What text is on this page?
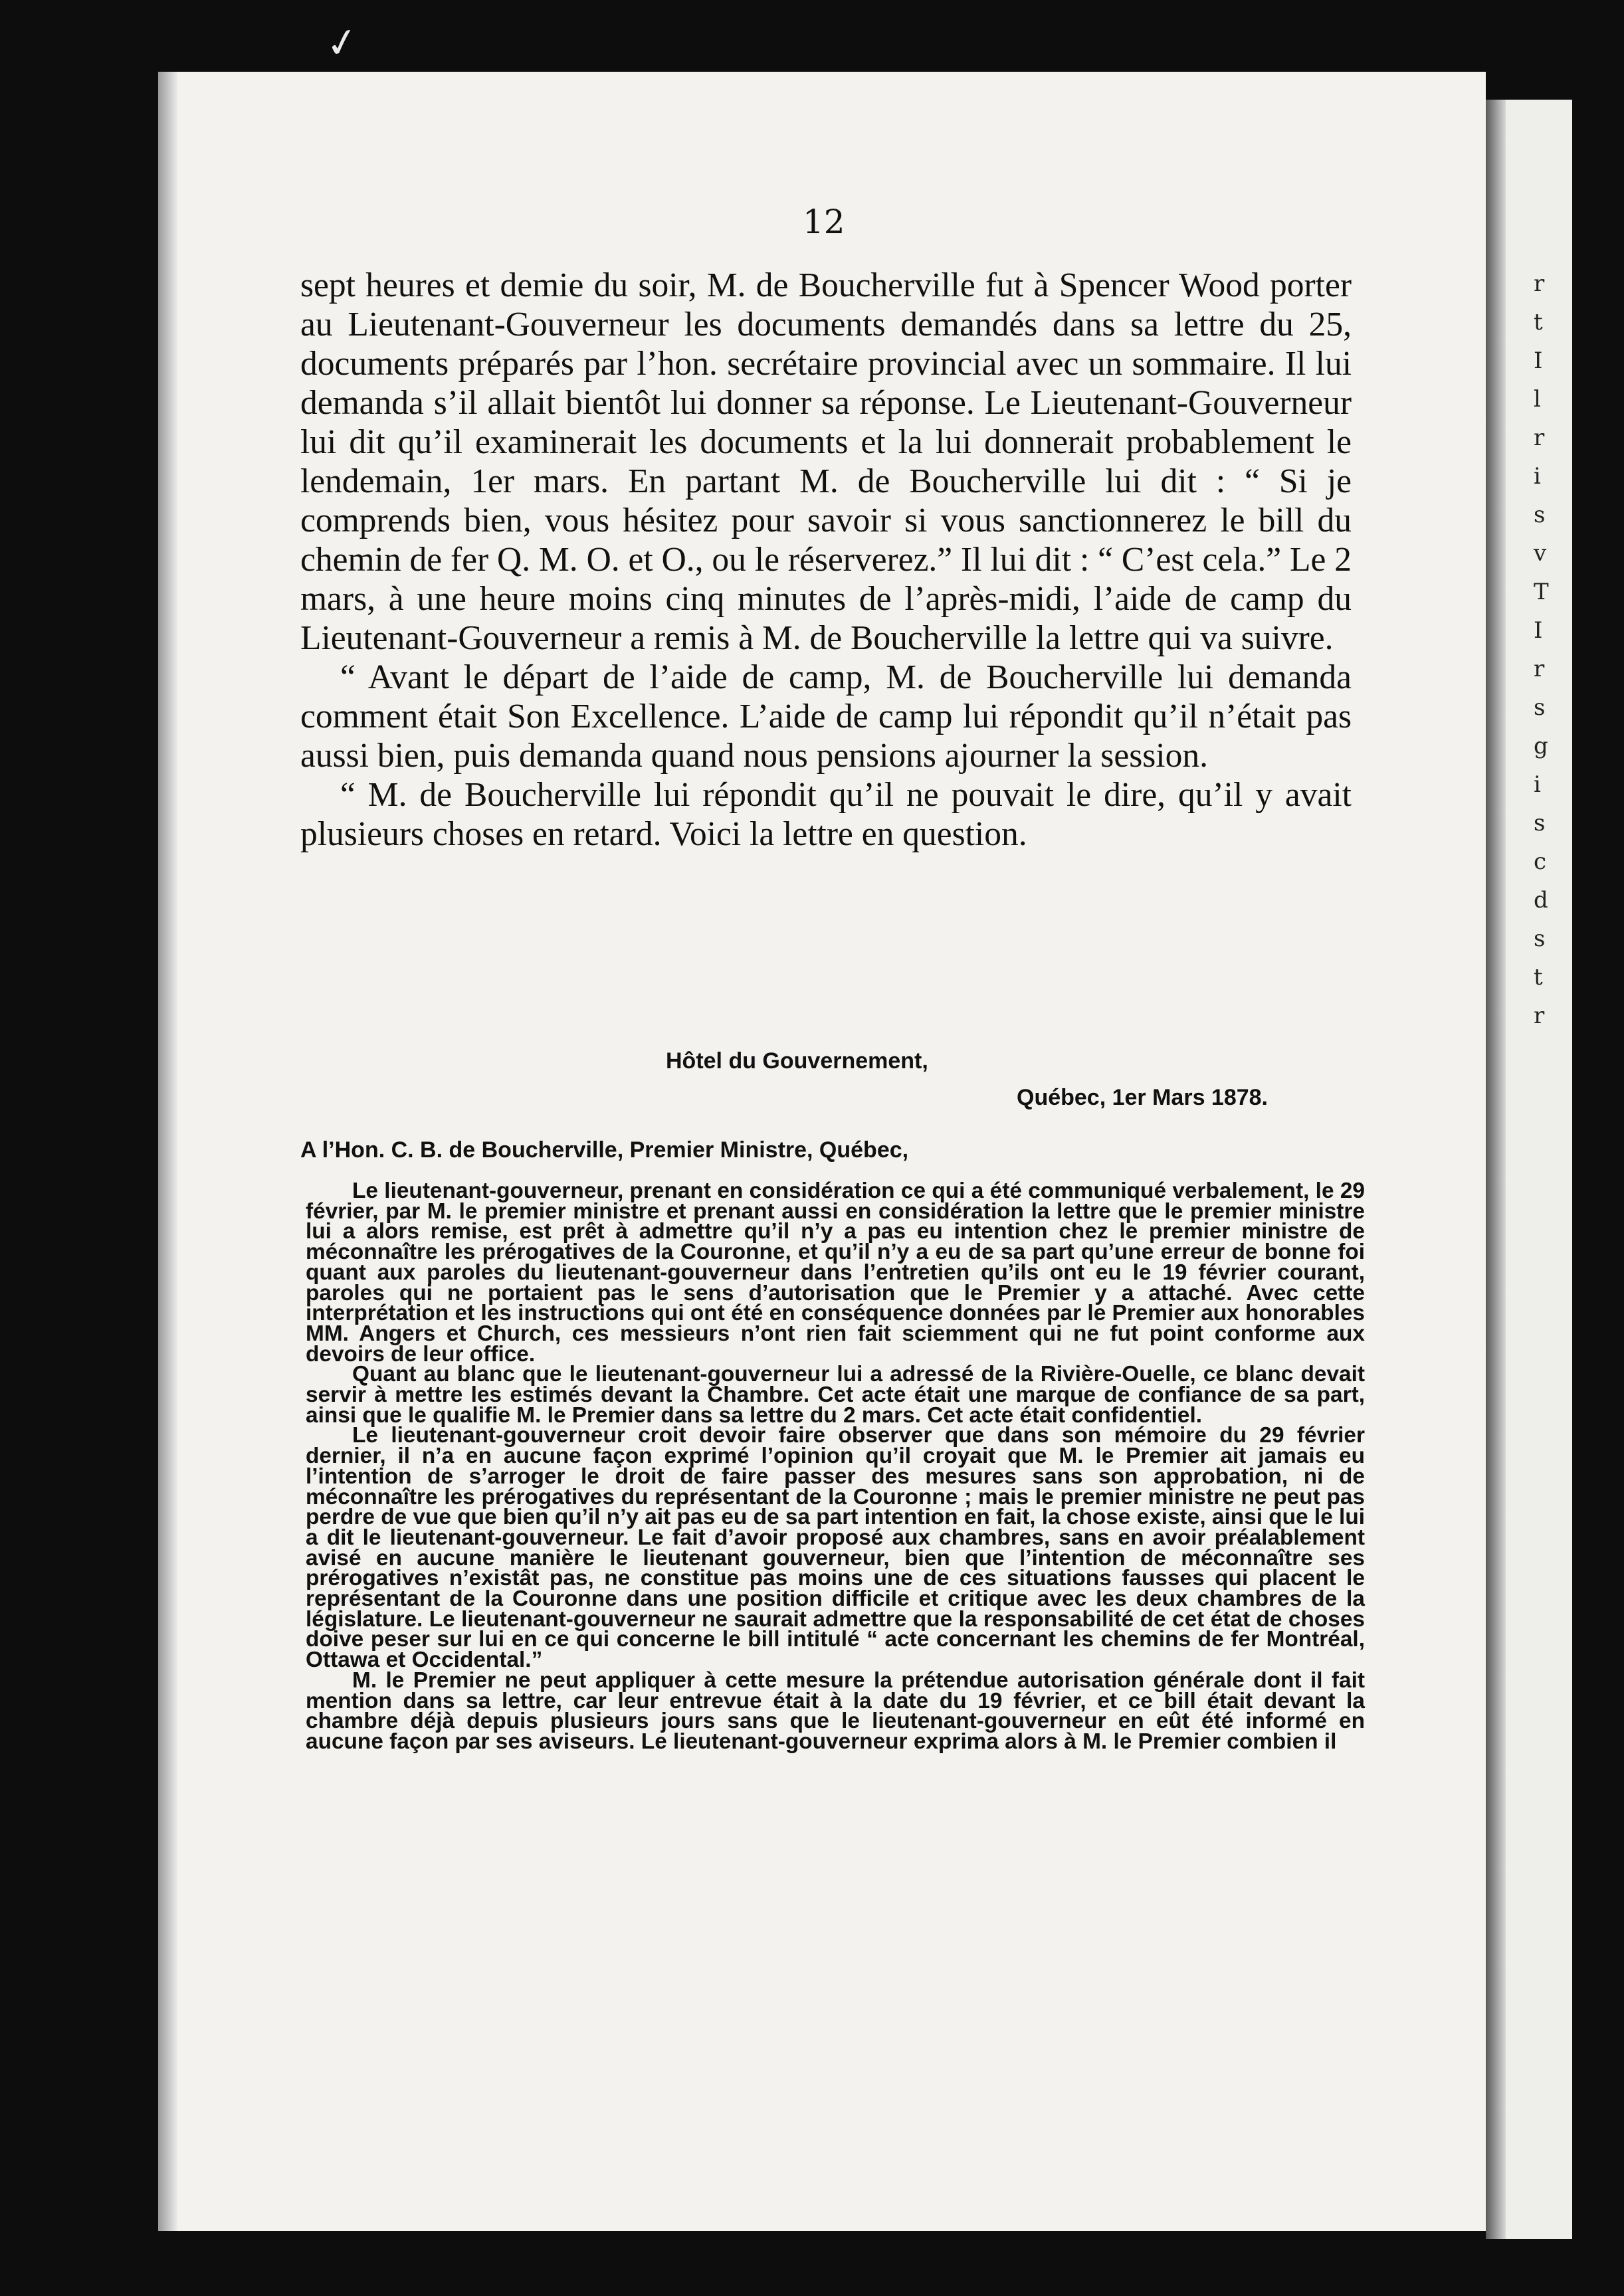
r
t
I
l
r
i
s
v
T
I
r
s
g
i
s
c
d
s
t
r
12

sept heures et demie du soir, M. de Boucherville fut à Spencer Wood porter au Lieutenant-Gouverneur les documents demandés dans sa lettre du 25, documents préparés par l’hon. secrétaire provincial avec un sommaire. Il lui demanda s’il allait bientôt lui donner sa réponse. Le Lieutenant-Gouverneur lui dit qu’il examinerait les documents et la lui donnerait probablement le lendemain, 1er mars. En partant M. de Boucherville lui dit : “ Si je comprends bien, vous hésitez pour savoir si vous sanctionnerez le bill du chemin de fer Q. M. O. et O., ou le réserverez.” Il lui dit : “ C’est cela.” Le 2 mars, à une heure moins cinq minutes de l’après-midi, l’aide de camp du Lieutenant-Gouverneur a remis à M. de Boucherville la lettre qui va suivre.

“ Avant le départ de l’aide de camp, M. de Boucherville lui demanda comment était Son Excellence. L’aide de camp lui répondit qu’il n’était pas aussi bien, puis demanda quand nous pensions ajourner la session.

“ M. de Boucherville lui répondit qu’il ne pouvait le dire, qu’il y avait plusieurs choses en retard. Voici la lettre en question.

Hôtel du Gouvernement,
Québec, 1er Mars 1878.
A l’Hon. C. B. de Boucherville, Premier Ministre, Québec,

Le lieutenant-gouverneur, prenant en considération ce qui a été communiqué verbalement, le 29 février, par M. le premier ministre et prenant aussi en considération la lettre que le premier ministre lui a alors remise, est prêt à admettre qu’il n’y a pas eu intention chez le premier ministre de méconnaître les prérogatives de la Couronne, et qu’il n’y a eu de sa part qu’une erreur de bonne foi quant aux paroles du lieutenant-gouverneur dans l’entretien qu’ils ont eu le 19 février courant, paroles qui ne portaient pas le sens d’autorisation que le Premier y a attaché. Avec cette interprétation et les instructions qui ont été en conséquence données par le Premier aux honorables MM. Angers et Church, ces messieurs n’ont rien fait sciemment qui ne fut point conforme aux devoirs de leur office.

Quant au blanc que le lieutenant-gouverneur lui a adressé de la Rivière-Ouelle, ce blanc devait servir à mettre les estimés devant la Chambre. Cet acte était une marque de confiance de sa part, ainsi que le qualifie M. le Premier dans sa lettre du 2 mars. Cet acte était confidentiel.

Le lieutenant-gouverneur croit devoir faire observer que dans son mémoire du 29 février dernier, il n’a en aucune façon exprimé l’opinion qu’il croyait que M. le Premier ait jamais eu l’intention de s’arroger le droit de faire passer des mesures sans son approbation, ni de méconnaître les prérogatives du représentant de la Couronne ; mais le premier ministre ne peut pas perdre de vue que bien qu’il n’y ait pas eu de sa part intention en fait, la chose existe, ainsi que le lui a dit le lieutenant-gouverneur. Le fait d’avoir proposé aux chambres, sans en avoir préalablement avisé en aucune manière le lieutenant gouverneur, bien que l’intention de méconnaître ses prérogatives n’existât pas, ne constitue pas moins une de ces situations fausses qui placent le représentant de la Couronne dans une position difficile et critique avec les deux chambres de la législature. Le lieutenant-gouverneur ne saurait admettre que la responsabilité de cet état de choses doive peser sur lui en ce qui concerne le bill intitulé “ acte concernant les chemins de fer Montréal, Ottawa et Occidental.”

M. le Premier ne peut appliquer à cette mesure la prétendue autorisation générale dont il fait mention dans sa lettre, car leur entrevue était à la date du 19 février, et ce bill était devant la chambre déjà depuis plusieurs jours sans que le lieutenant-gouverneur en eût été informé en aucune façon par ses aviseurs. Le lieutenant-gouverneur exprima alors à M. le Premier combien il

✓
